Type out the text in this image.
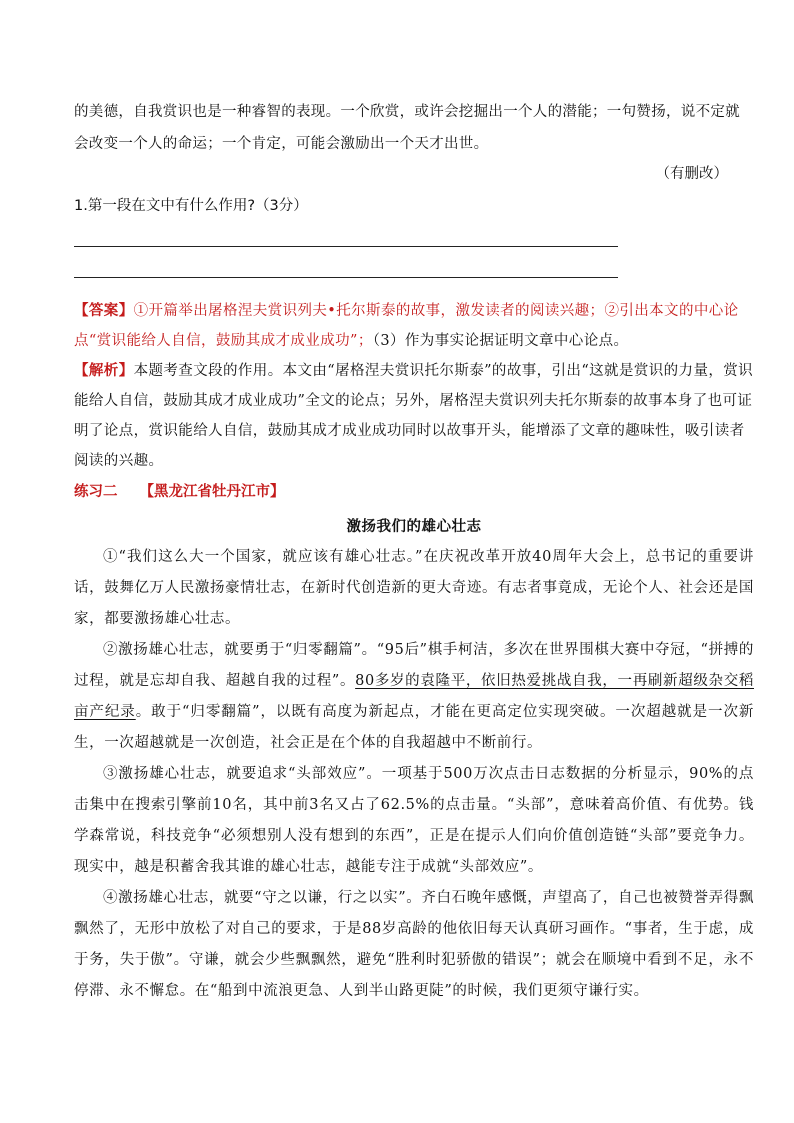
的美德，自我赏识也是一种睿智的表现。一个欣赏，或许会挖掘出一个人的潜能；一句赞扬，说不定就会改变一个人的命运；一个肯定，可能会激励出一个天才出世。
（有删改）
1.第一段在文中有什么作用?（3分）
【答案】①开篇举出屠格涅夫赏识列夫•托尔斯泰的故事，激发读者的阅读兴趣；②引出本文的中心论点“赏识能给人自信，鼓励其成才成业成功”；（3）作为事实论据证明文章中心论点。
【解析】本题考查文段的作用。本文由“屠格涅夫赏识托尔斯泰”的故事，引出“这就是赏识的力量，赏识能给人自信，鼓励其成才成业成功”全文的论点；另外，屠格涅夫赏识列夫托尔斯泰的故事本身了也可证明了论点，赏识能给人自信，鼓励其成才成业成功同时以故事开头，能增添了文章的趣味性，吸引读者阅读的兴趣。
练习二 【黑龙江省牡丹江市】
激扬我们的雄心壮志
①“我们这么大一个国家，就应该有雄心壮志。”在庆祝改革开放40周年大会上，总书记的重要讲话，鼓舞亿万人民激扬豪情壮志，在新时代创造新的更大奇迹。有志者事竟成，无论个人、社会还是国家，都要激扬雄心壮志。
②激扬雄心壮志，就要勇于“归零翻篇”。“95后”棋手柯洁，多次在世界围棋大赛中夺冠，“拼搏的过程，就是忘却自我、超越自我的过程”。80多岁的袁隆平，依旧热爱挑战自我，一再刷新超级杂交稻亩产纪录。敢于“归零翻篇”，以既有高度为新起点，才能在更高定位实现突破。一次超越就是一次新生，一次超越就是一次创造，社会正是在个体的自我超越中不断前行。
③激扬雄心壮志，就要追求“头部效应”。一项基于500万次点击日志数据的分析显示，90%的点击集中在搜索引擎前10名，其中前3名又占了62.5%的点击量。“头部”，意味着高价值、有优势。钱学森常说，科技竞争“必须想别人没有想到的东西”，正是在提示人们向价值创造链“头部”要竞争力。现实中，越是积蓄舍我其谁的雄心壮志，越能专注于成就“头部效应”。
④激扬雄心壮志，就要“守之以谦，行之以实”。齐白石晚年感慨，声望高了，自己也被赞誉弄得飘飘然了，无形中放松了对自己的要求，于是88岁高龄的他依旧每天认真研习画作。“事者，生于虑，成于务，失于傲”。守谦，就会少些飘飘然，避免“胜利时犯骄傲的错误”；就会在顺境中看到不足，永不停滞、永不懈怠。在“船到中流浪更急、人到半山路更陡”的时候，我们更须守谦行实。
